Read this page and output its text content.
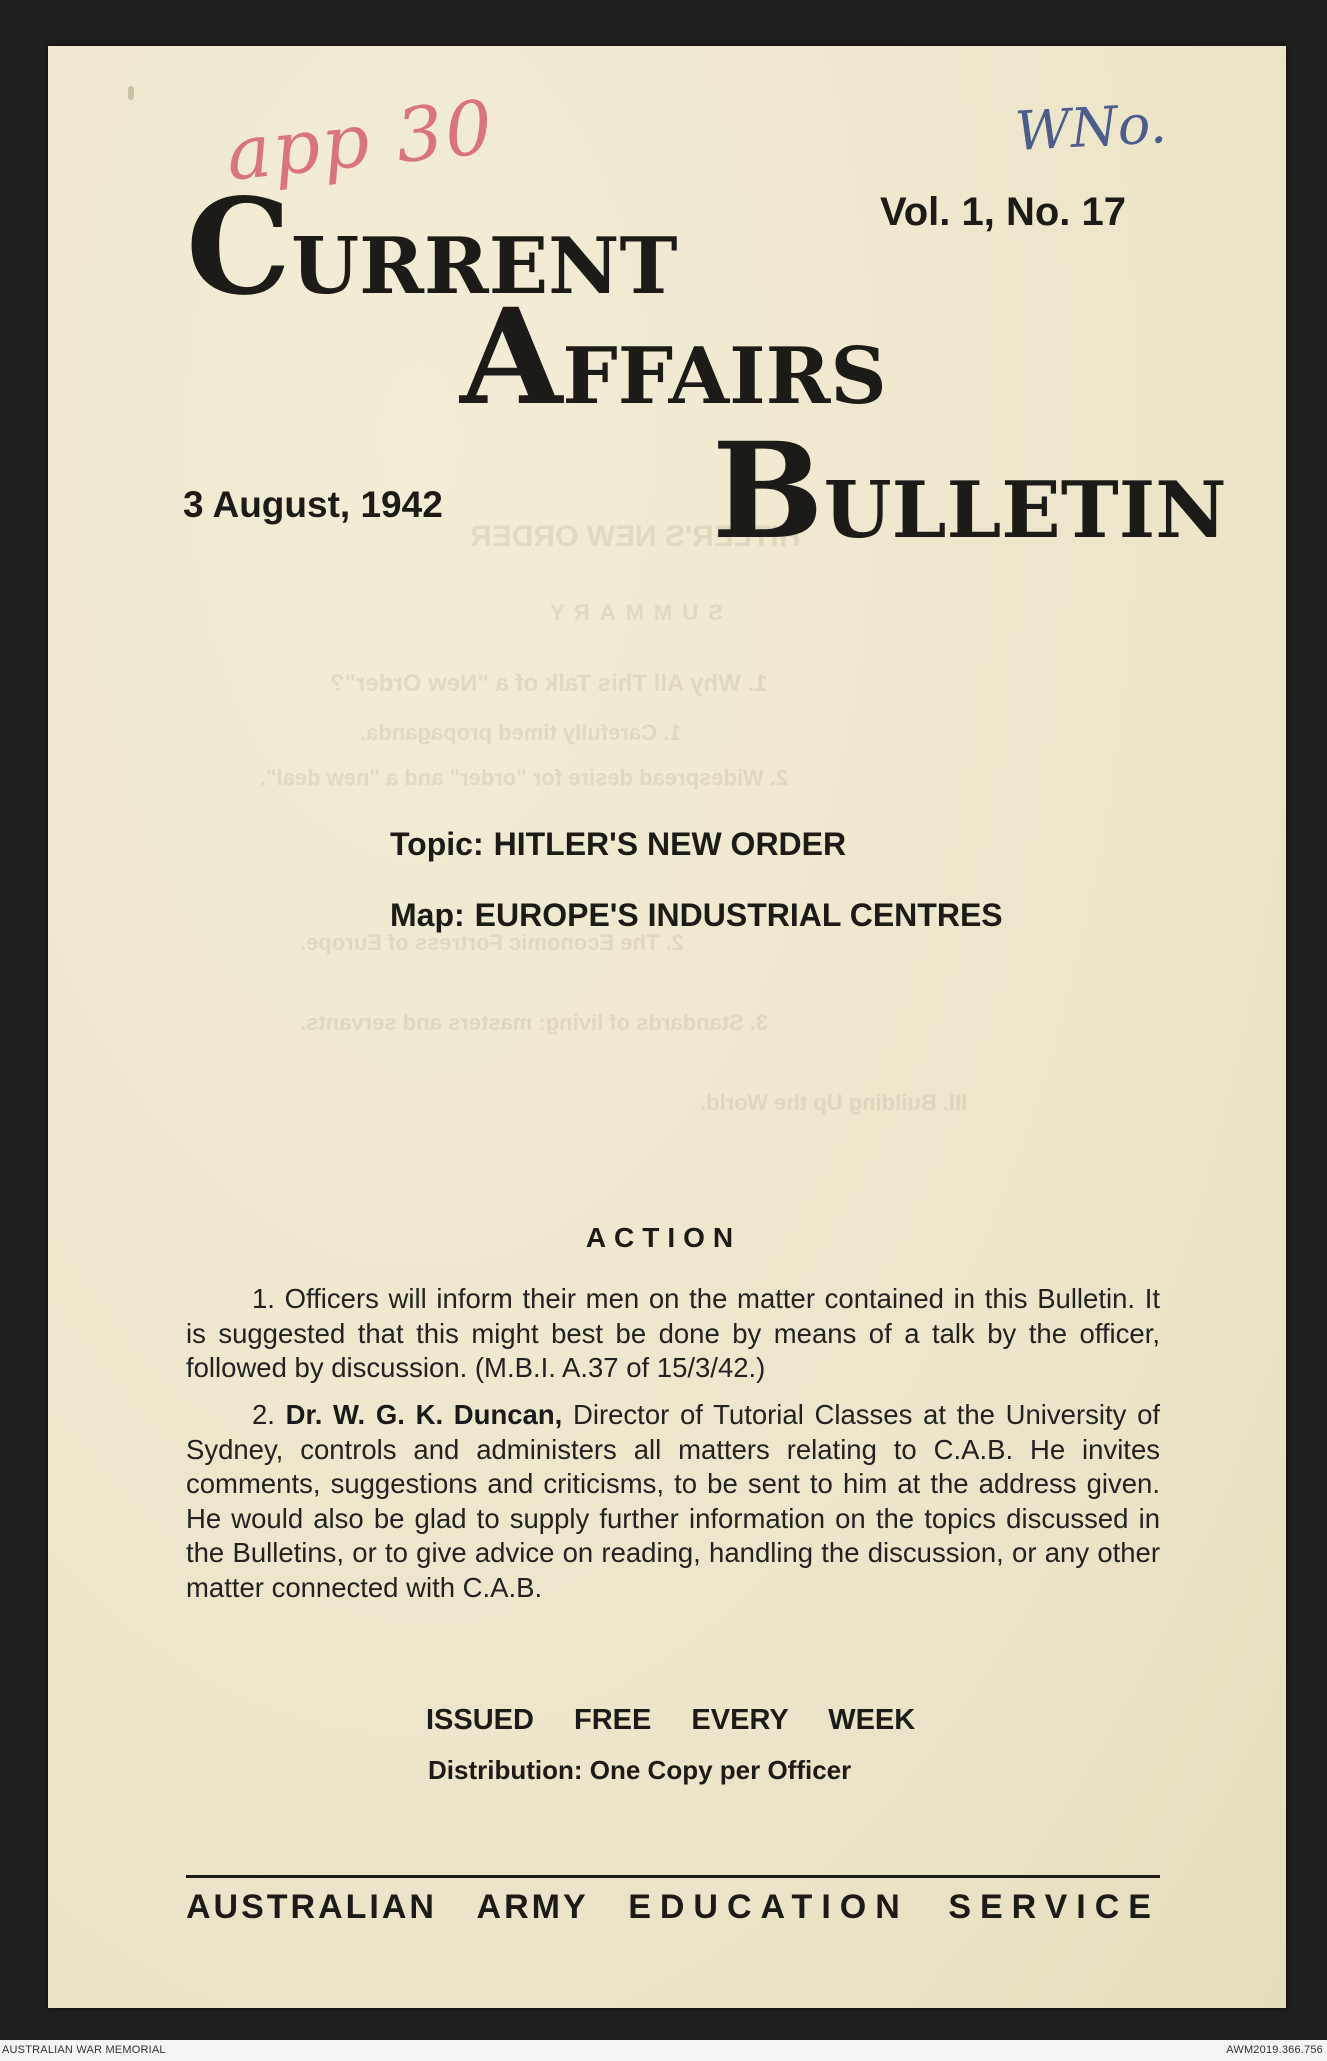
HITLER'S NEW ORDER
SUMMARY
1. Why All This Talk of a "New Order"?
1. Carefully timed propaganda.
2. Widespread desire for "order" and a "new deal".
2. The Economic Fortress of Europe.
3. Standards of living: masters and servants.
III. Building Up the World.
app 30	WNo.
CURRENT
AFFAIRS
BULLETIN
Vol. 1, No. 17
3 August, 1942
Topic: HITLER'S NEW ORDER
Map: EUROPE'S INDUSTRIAL CENTRES
ACTION
1. Officers will inform their men on the matter contained in this Bulletin. It is suggested that this might best be done by means of a talk by the officer, followed by discussion. (M.B.I. A.37 of 15/3/42.)
2. Dr. W. G. K. Duncan, Director of Tutorial Classes at the University of Sydney, controls and administers all matters relating to C.A.B. He invites comments, suggestions and criticisms, to be sent to him at the address given. He would also be glad to supply further information on the topics discussed in the Bulletins, or to give advice on reading, handling the discussion, or any other matter connected with C.A.B.
ISSUED FREE EVERY WEEK
Distribution: One Copy per Officer
AUSTRALIAN ARMY EDUCATION SERVICE
AUSTRALIAN WAR MEMORIAL	AWM2019.366.756
